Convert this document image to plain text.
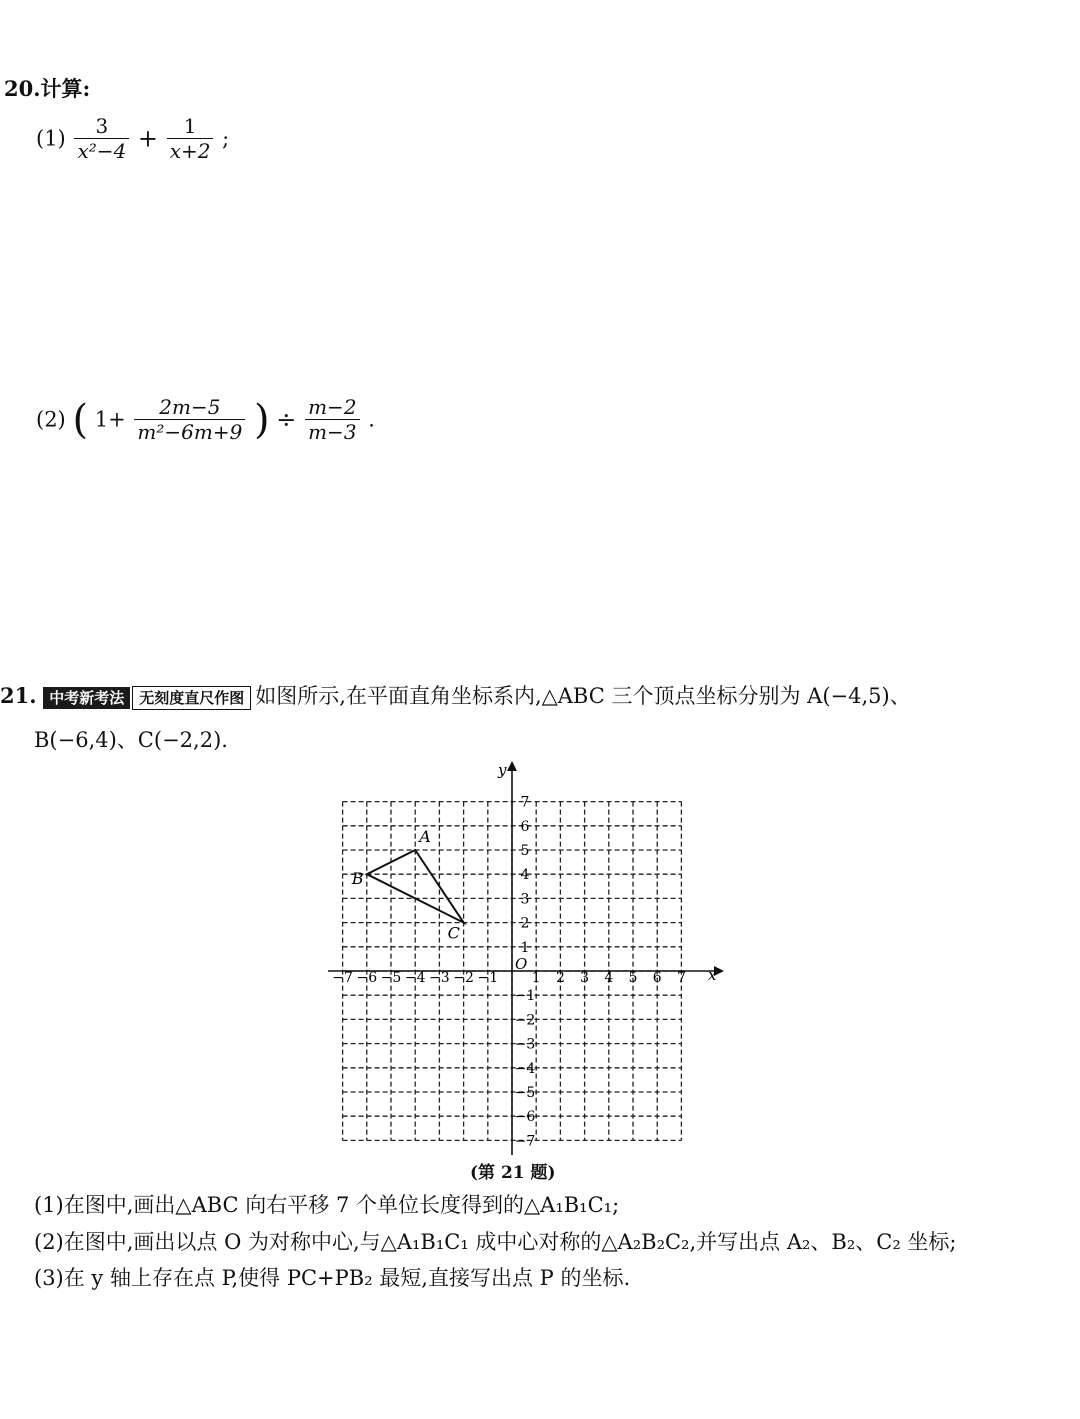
20.计算:
$(1) \frac{3}{\text{x²−4}} + \frac{1}{x+2}$ ;
(2) ( $1+ \frac{2m-5}{\text{m²−6m+9}}$ ) ÷ $\frac{m-2}{m-3}$ .
21. 中考新考法 无刻度直尺作图 如图所示,在平面直角坐标系内,△ABC 三个顶点坐标分别为 A(−4,5)、
B(−6,4)、C(−2,2).
x
y
O
−7 −6 −5 −4 −3 −2 −1 1 2 3 4 5 6 7
7
6
5
4
3
2
1
−1
−2
−3
−4
−5
−6
−7
A
B
C
(第 21 题)
(1)在图中,画出△ABC 向右平移 7 个单位长度得到的△A₁B₁C₁;
(2)在图中,画出以点 O 为对称中心,与△A₁B₁C₁ 成中心对称的△A₂B₂C₂,并写出点 A₂、B₂、C₂ 坐标;
(3)在 y 轴上存在点 P,使得 PC+PB₂ 最短,直接写出点 P 的坐标.
